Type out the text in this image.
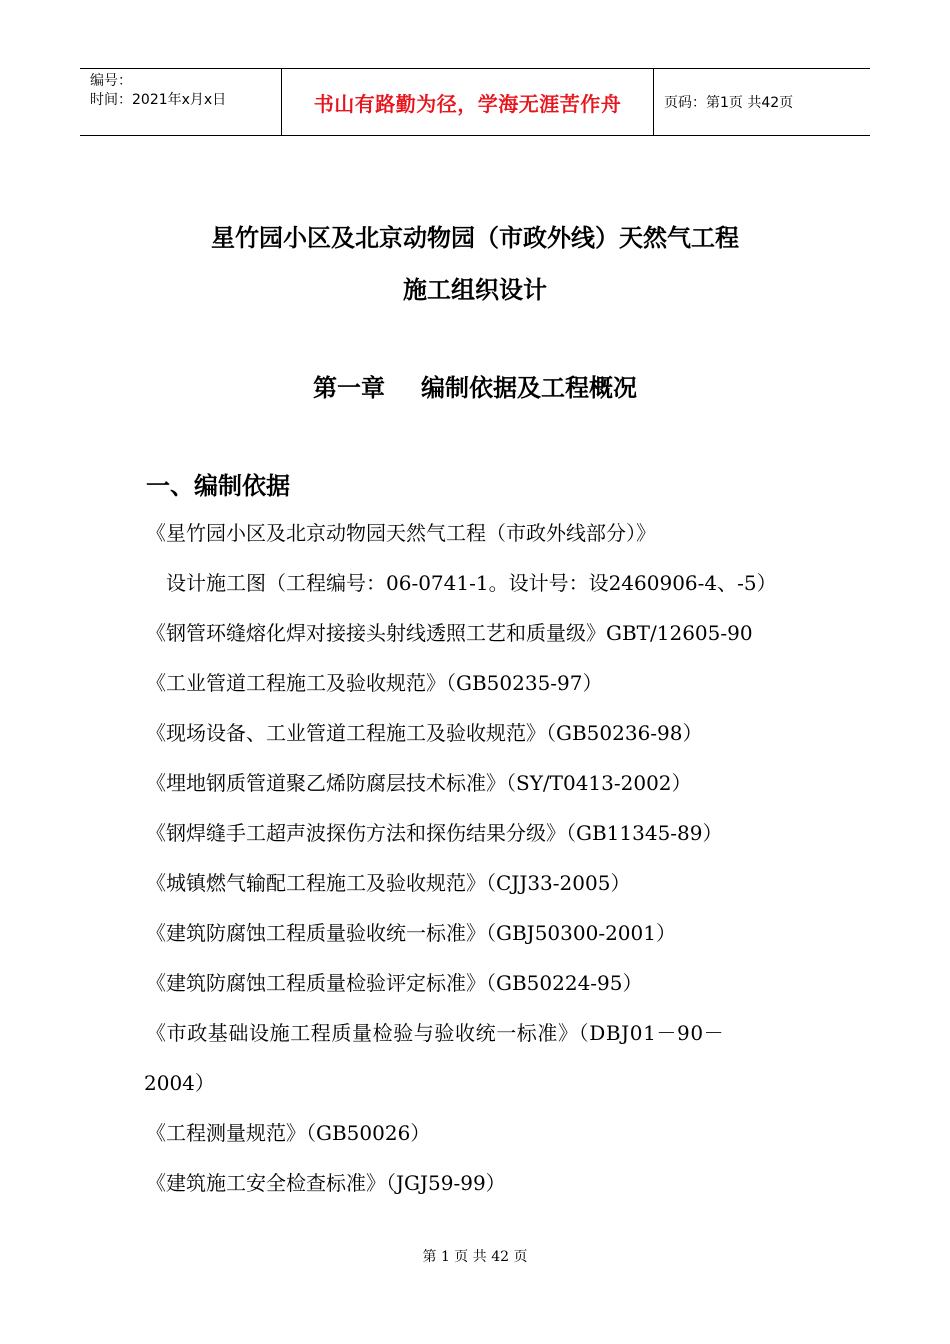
编号：
时间：2021年x月x日	书山有路勤为径，学海无涯苦作舟	页码：第1页 共42页
星竹园小区及北京动物园（市政外线）天然气工程
施工组织设计
第一章 编制依据及工程概况
一、编制依据
《星竹园小区及北京动物园天然气工程（市政外线部分）》
设计施工图（工程编号：06-0741-1。设计号：设2460906-4、-5）
《钢管环缝熔化焊对接接头射线透照工艺和质量级》GBT/12605-90
《工业管道工程施工及验收规范》（GB50235-97）
《现场设备、工业管道工程施工及验收规范》（GB50236-98）
《埋地钢质管道聚乙烯防腐层技术标准》（SY/T0413-2002）
《钢焊缝手工超声波探伤方法和探伤结果分级》（GB11345-89）
《城镇燃气输配工程施工及验收规范》（CJJ33-2005）
《建筑防腐蚀工程质量验收统一标准》（GBJ50300-2001）
《建筑防腐蚀工程质量检验评定标准》（GB50224-95）
《市政基础设施工程质量检验与验收统一标准》（DBJ01－90－
2004）
《工程测量规范》（GB50026）
《建筑施工安全检查标准》（JGJ59-99）
第 1 页 共 42 页
